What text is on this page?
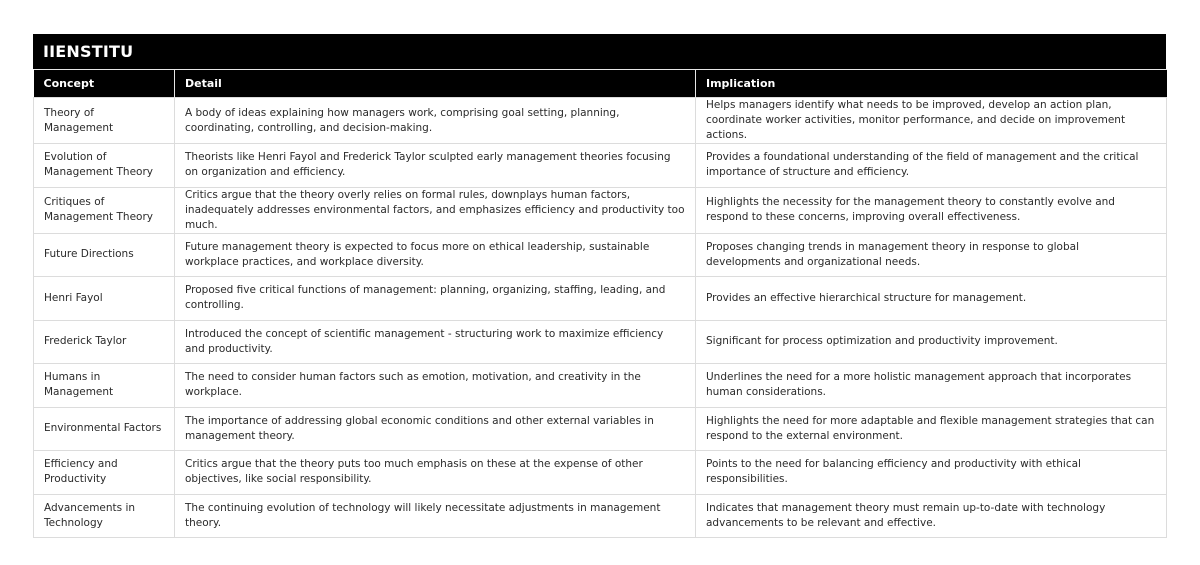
IIENSTITU
Concept	Detail	Implication
Theory of Management	A body of ideas explaining how managers work, comprising goal setting, planning, coordinating, controlling, and decision-making.	Helps managers identify what needs to be improved, develop an action plan, coordinate worker activities, monitor performance, and decide on improvement actions.
Evolution of Management Theory	Theorists like Henri Fayol and Frederick Taylor sculpted early management theories focusing on organization and efficiency.	Provides a foundational understanding of the field of management and the critical importance of structure and efficiency.
Critiques of Management Theory	Critics argue that the theory overly relies on formal rules, downplays human factors, inadequately addresses environmental factors, and emphasizes efficiency and productivity too much.	Highlights the necessity for the management theory to constantly evolve and respond to these concerns, improving overall effectiveness.
Future Directions	Future management theory is expected to focus more on ethical leadership, sustainable workplace practices, and workplace diversity.	Proposes changing trends in management theory in response to global developments and organizational needs.
Henri Fayol	Proposed five critical functions of management: planning, organizing, staffing, leading, and controlling.	Provides an effective hierarchical structure for management.
Frederick Taylor	Introduced the concept of scientific management - structuring work to maximize efficiency and productivity.	Significant for process optimization and productivity improvement.
Humans in Management	The need to consider human factors such as emotion, motivation, and creativity in the workplace.	Underlines the need for a more holistic management approach that incorporates human considerations.
Environmental Factors	The importance of addressing global economic conditions and other external variables in management theory.	Highlights the need for more adaptable and flexible management strategies that can respond to the external environment.
Efficiency and Productivity	Critics argue that the theory puts too much emphasis on these at the expense of other objectives, like social responsibility.	Points to the need for balancing efficiency and productivity with ethical responsibilities.
Advancements in Technology	The continuing evolution of technology will likely necessitate adjustments in management theory.	Indicates that management theory must remain up-to-date with technology advancements to be relevant and effective.
